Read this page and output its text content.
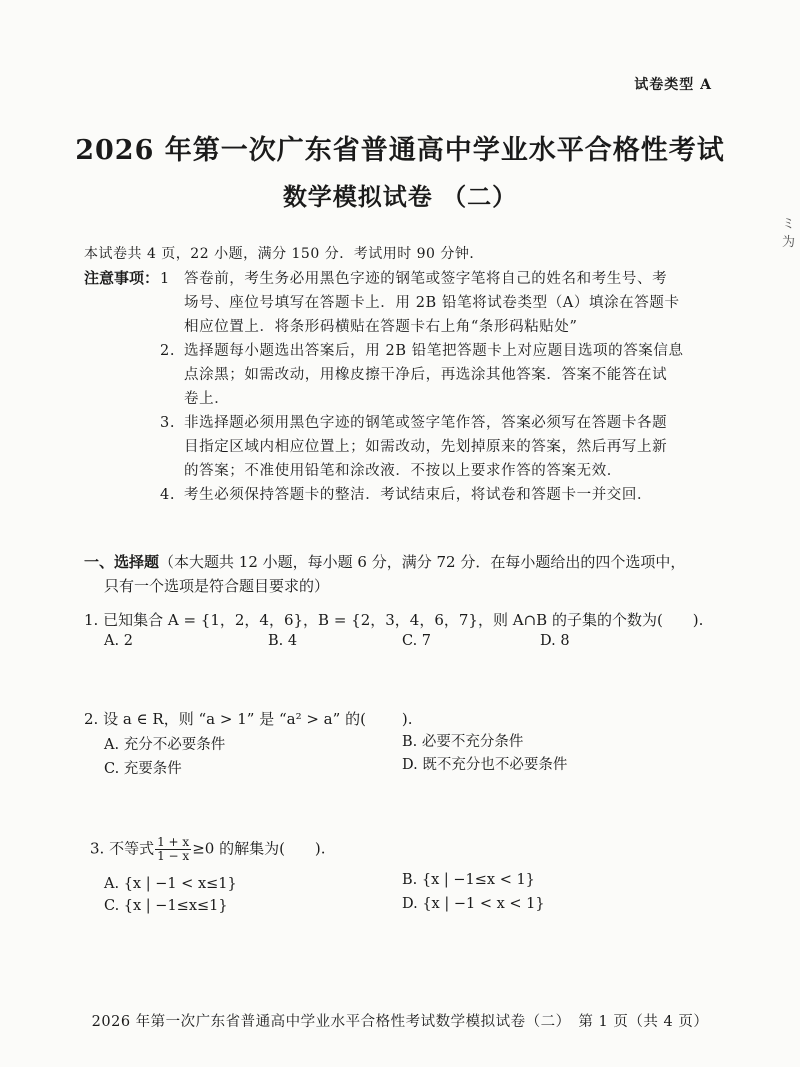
试卷类型 A
2026 年第一次广东省普通高中学业水平合格性考试
数学模拟试卷 （二）
ミ 为
本试卷共 4 页，22 小题，满分 150 分．考试用时 90 分钟．
注意事项： 1 答卷前，考生务必用黑色字迹的钢笔或签字笔将自己的姓名和考生号、考
场号、座位号填写在答题卡上．用 2B 铅笔将试卷类型（A）填涂在答题卡
相应位置上．将条形码横贴在答题卡右上角“条形码粘贴处”
2. 选择题每小题选出答案后，用 2B 铅笔把答题卡上对应题目选项的答案信息
点涂黑；如需改动，用橡皮擦干净后，再选涂其他答案．答案不能答在试
卷上．
3. 非选择题必须用黑色字迹的钢笔或签字笔作答，答案必须写在答题卡各题
目指定区域内相应位置上；如需改动，先划掉原来的答案，然后再写上新
的答案；不准使用铅笔和涂改液．不按以上要求作答的答案无效．
4. 考生必须保持答题卡的整洁．考试结束后，将试卷和答题卡一并交回．
一、选择题（本大题共 12 小题，每小题 6 分，满分 72 分．在每小题给出的四个选项中，
只有一个选项是符合题目要求的）
1. 已知集合 A = {1，2，4，6}，B = {2，3，4，6，7}，则 A∩B 的子集的个数为(　　).
A. 2	B. 4	C. 7	D. 8
2. 设 a ∈ R，则 “a > 1” 是 “a² > a” 的( ).
A. 充分不必要条件	B. 必要不充分条件
C. 充要条件	D. 既不充分也不必要条件
3. 不等式 $\frac{1 + x}{1 - x} \ge 0$ 的解集为(　　).
A. {x | −1 < x≤1}	B. {x | −1≤x < 1}
C. {x | −1≤x≤1}	D. {x | −1 < x < 1}
2026 年第一次广东省普通高中学业水平合格性考试数学模拟试卷（二）　第 1 页（共 4 页）
